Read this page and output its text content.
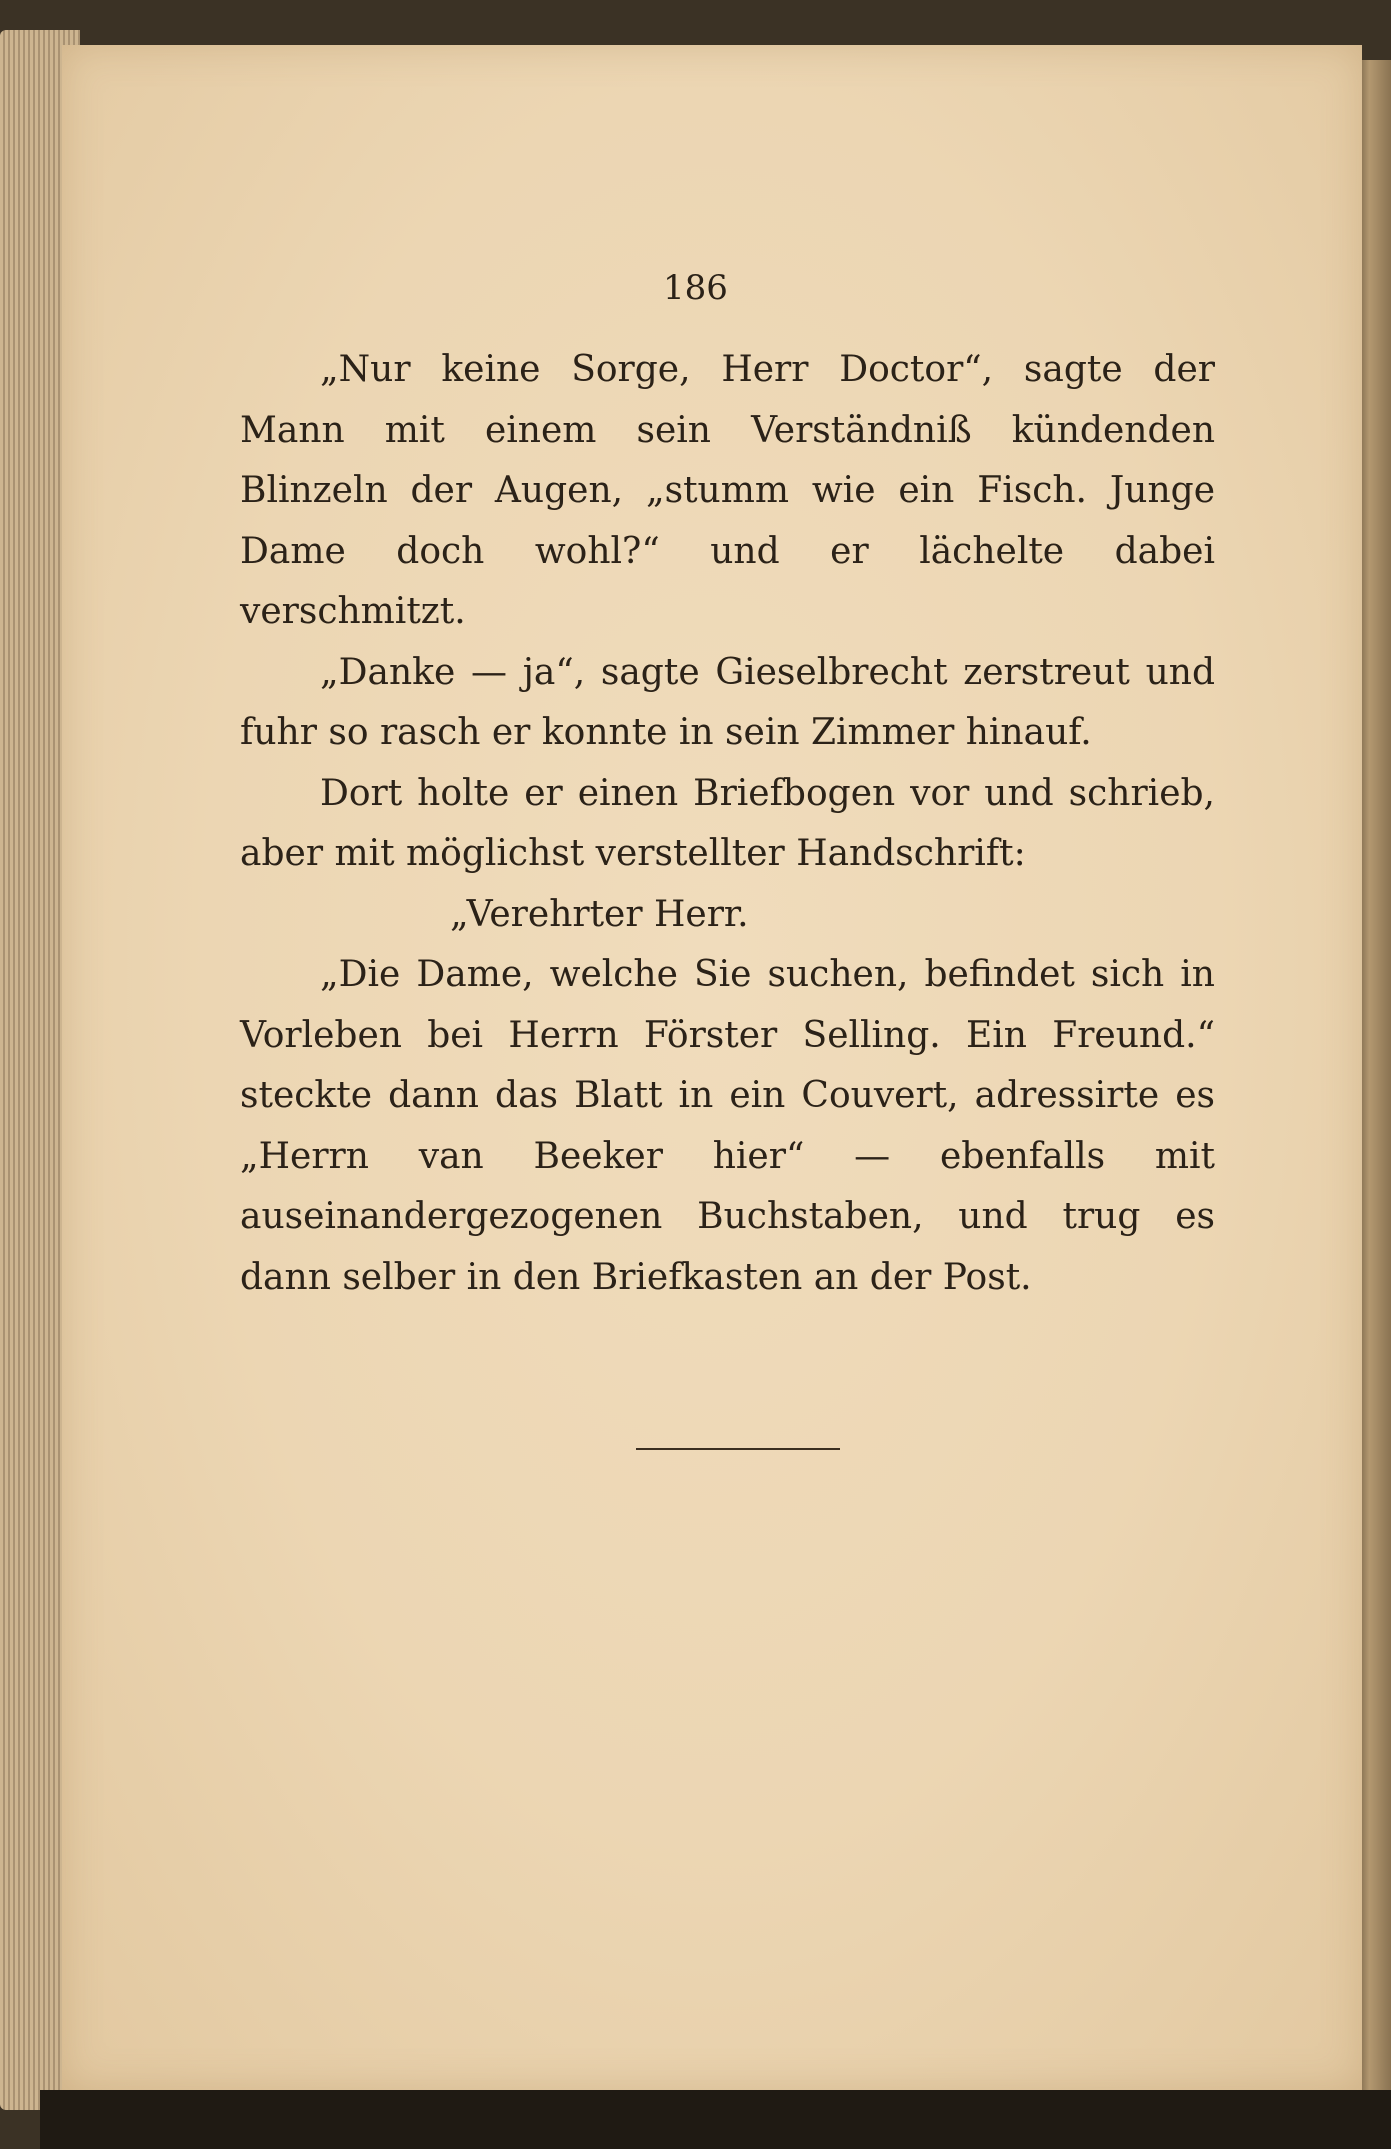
186

„Nur keine Sorge, Herr Doctor“, sagte der Mann mit einem sein Verständniß kündenden Blinzeln der Augen, „stumm wie ein Fisch. Junge Dame doch wohl?“ und er lächelte dabei verschmitzt.

„Danke — ja“, sagte Gieselbrecht zerstreut und fuhr so rasch er konnte in sein Zimmer hinauf.

Dort holte er einen Briefbogen vor und schrieb, aber mit möglichst verstellter Handschrift:

„Verehrter Herr.

„Die Dame, welche Sie suchen, befindet sich in Vorleben bei Herrn Förster Selling. Ein Freund.“ steckte dann das Blatt in ein Couvert, adressirte es „Herrn van Beeker hier“ — ebenfalls mit auseinandergezogenen Buchstaben, und trug es dann selber in den Briefkasten an der Post.
